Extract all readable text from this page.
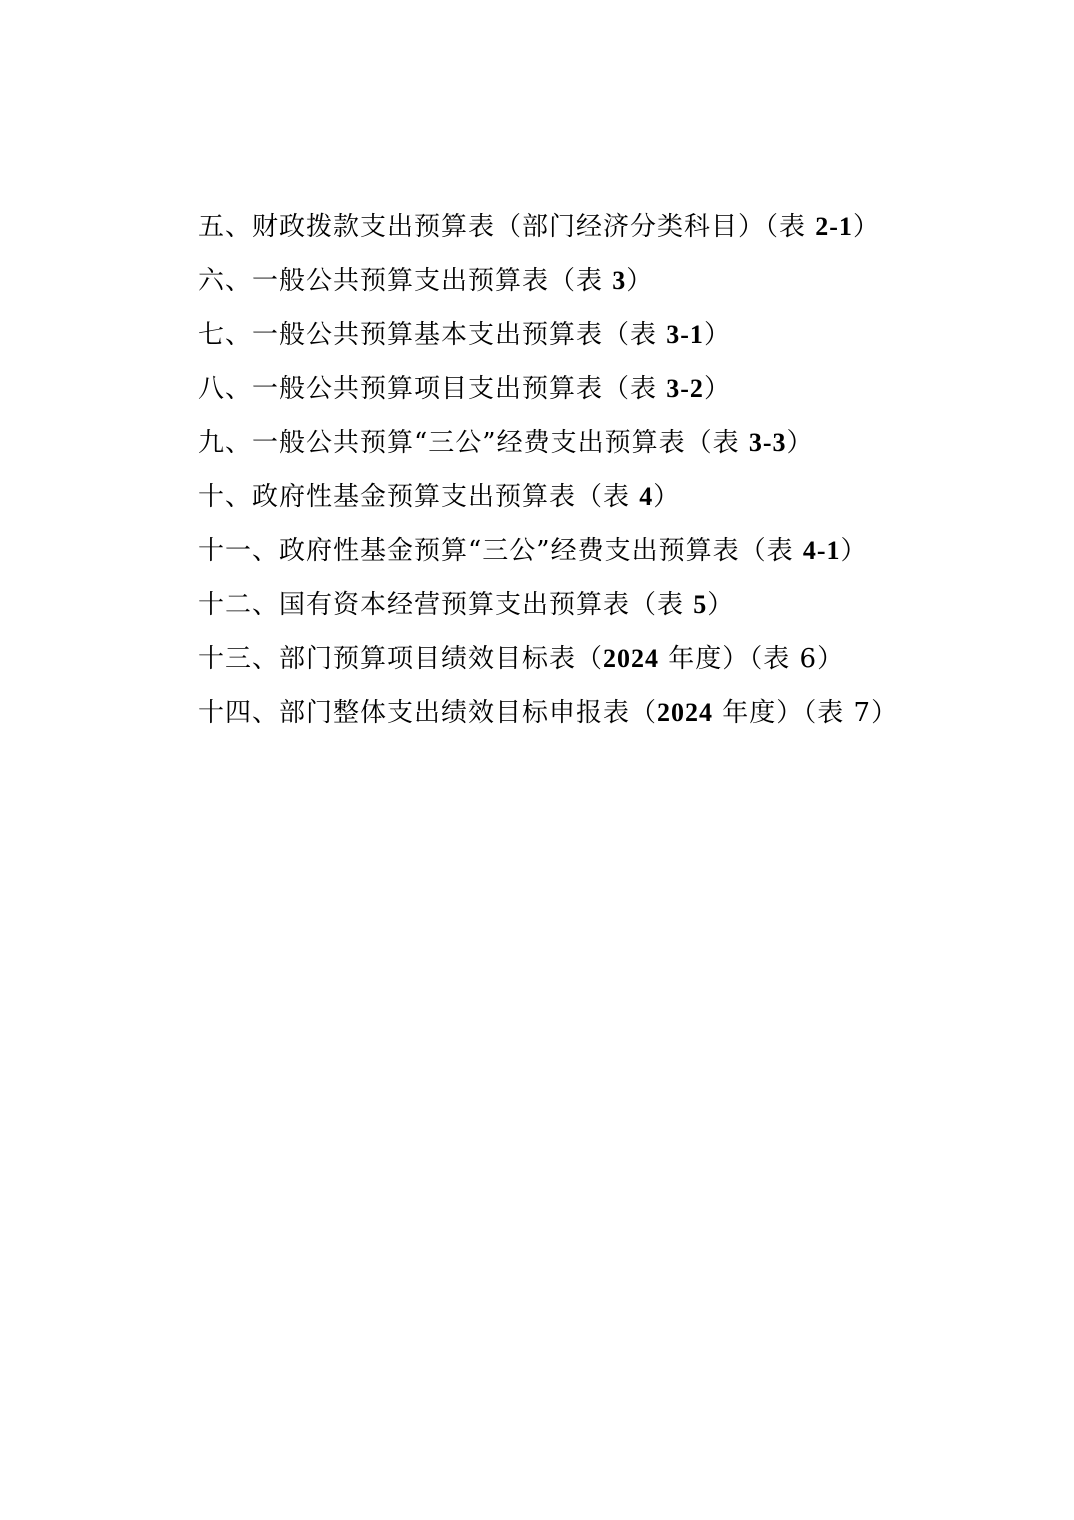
五、财政拨款支出预算表（部门经济分类科目）（表 2-1）
六、一般公共预算支出预算表（表 3）
七、一般公共预算基本支出预算表（表 3-1）
八、一般公共预算项目支出预算表（表 3-2）
九、一般公共预算“三公”经费支出预算表（表 3-3）
十、政府性基金预算支出预算表（表 4）
十一、政府性基金预算“三公”经费支出预算表（表 4-1）
十二、国有资本经营预算支出预算表（表 5）
十三、部门预算项目绩效目标表（2024 年度）（表 6）
十四、部门整体支出绩效目标申报表（2024 年度）（表 7）
